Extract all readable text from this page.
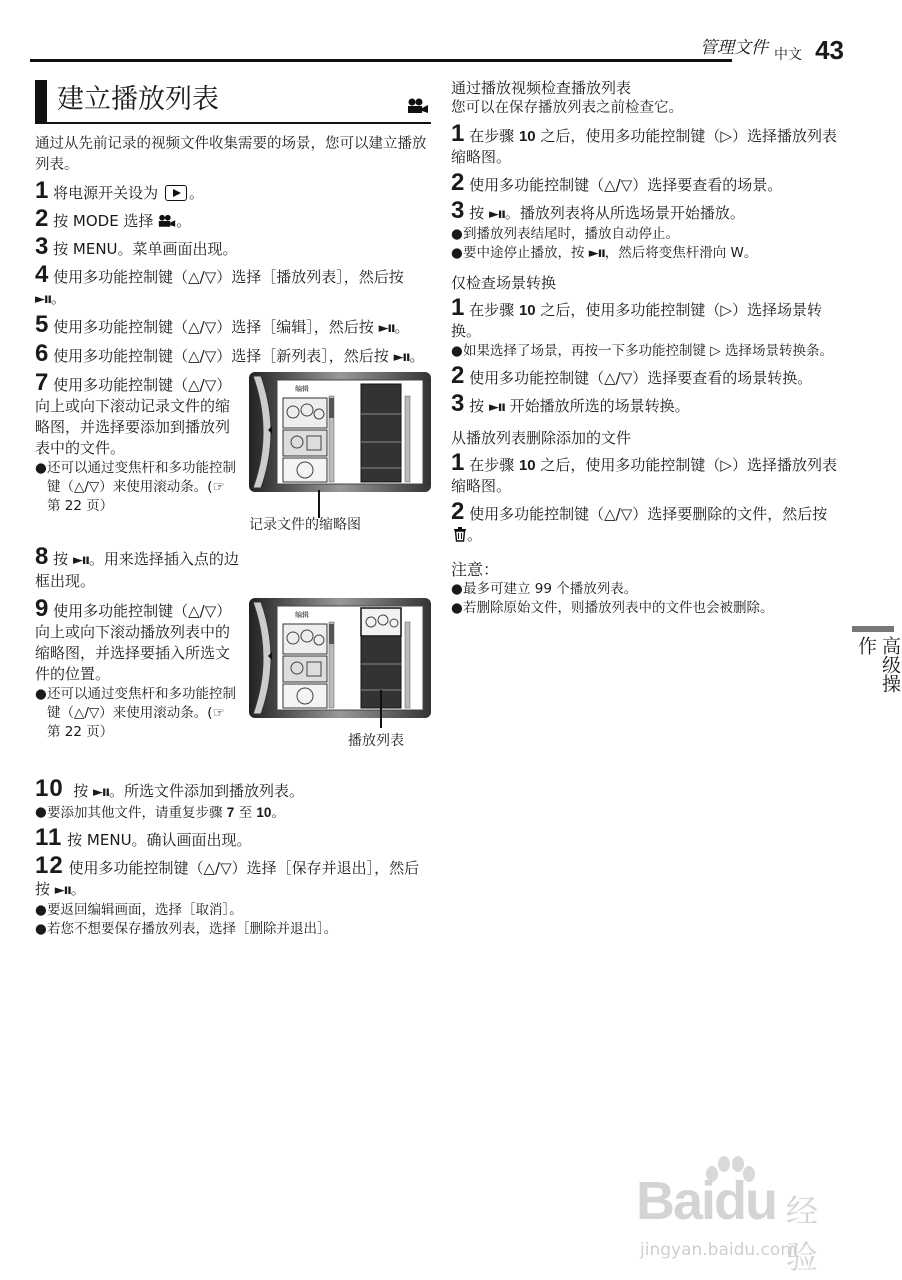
管理文件 中文 43
建立播放列表

通过从先前记录的视频文件收集需要的场景，您可以建立播放列表。

1 将电源开关设为 。
2 按 MODE 选择 。
3 按 MENU。菜单画面出现。
4 使用多功能控制键（△/▽）选择［播放列表］，然后按 ►ıı。
5 使用多功能控制键（△/▽）选择［编辑］，然后按 ►ıı。
6 使用多功能控制键（△/▽）选择［新列表］，然后按 ►ıı。
7 使用多功能控制键（△/▽）向上或向下滚动记录文件的缩略图，并选择要添加到播放列表中的文件。
● 还可以通过变焦杆和多功能控制键（△/▽）来使用滚动条。(☞ 第 22 页）
编辑
记录文件的缩略图
8 按 ►ıı。用来选择插入点的边框出现。
9 使用多功能控制键（△/▽）向上或向下滚动播放列表中的缩略图，并选择要插入所选文件的位置。
● 还可以通过变焦杆和多功能控制键（△/▽）来使用滚动条。(☞ 第 22 页）
编辑
播放列表
10 按 ►ıı。所选文件添加到播放列表。
● 要添加其他文件，请重复步骤 7 至 10。
11 按 MENU。确认画面出现。
12 使用多功能控制键（△/▽）选择［保存并退出］，然后按 ►ıı。
● 要返回编辑画面，选择［取消］。
● 若您不想要保存播放列表，选择［删除并退出］。
通过播放视频检查播放列表

您可以在保存播放列表之前检查它。

1 在步骤 10 之后，使用多功能控制键（▷）选择播放列表缩略图。
2 使用多功能控制键（△/▽）选择要查看的场景。
3 按 ►ıı。播放列表将从所选场景开始播放。
● 到播放列表结尾时，播放自动停止。
● 要中途停止播放，按 ►ıı，然后将变焦杆滑向 W。
仅检查场景转换
1 在步骤 10 之后，使用多功能控制键（▷）选择场景转换。
● 如果选择了场景，再按一下多功能控制键 ▷ 选择场景转换条。
2 使用多功能控制键（△/▽）选择要查看的场景转换。
3 按 ►ıı 开始播放所选的场景转换。
从播放列表删除添加的文件
1 在步骤 10 之后，使用多功能控制键（▷）选择播放列表缩略图。
2 使用多功能控制键（△/▽）选择要删除的文件，然后按 。
注意：
● 最多可建立 99 个播放列表。
● 若删除原始文件，则播放列表中的文件也会被删除。
高级操作
Baidu 经验
jingyan.baidu.com
